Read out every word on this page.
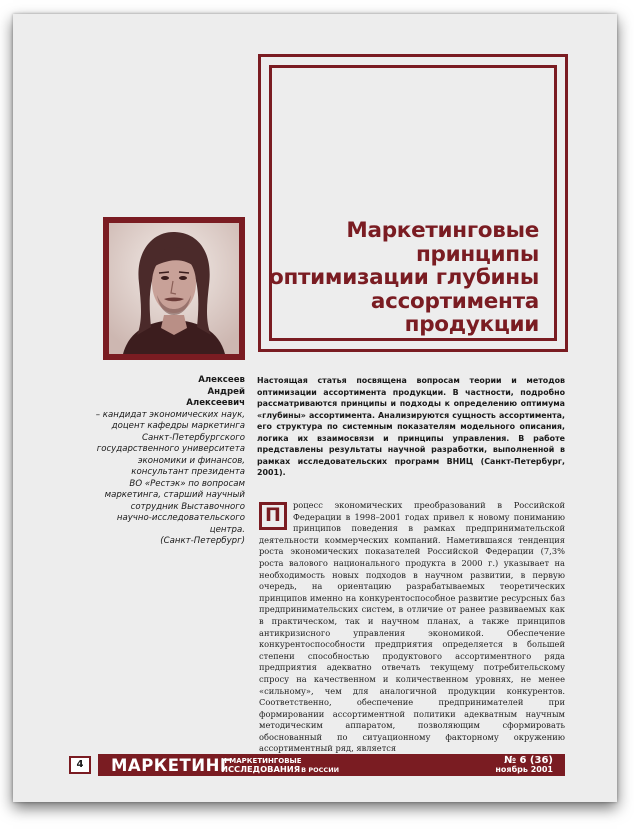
Маркетинговые
принципы
оптимизации глубины
ассортимента
продукции
Алексеев
Андрей
Алексеевич
– кандидат экономических наук,
доцент кафедры маркетинга
Санкт-Петербургского
государственного университета
экономики и финансов,
консультант президента
ВО «Рестэк» по вопросам
маркетинга, старший научный
сотрудник Выставочного
научно-исследовательского
центра.
(Санкт-Петербург)
Настоящая статья посвящена вопросам теории и методов оптимизации ассортимента продукции. В частности, подробно рассматриваются принципы и подходы к определению оптимума «глубины» ассортимента. Анализируются сущность ассортимента, его структура по системным показателям модельного описания, логика их взаимосвязи и принципы управления. В работе представлены результаты научной разработки, выполненной в рамках исследовательских программ ВНИЦ (Санкт-Петербург, 2001).
П	роцесс экономических преобразований в Российской Федерации в 1998–2001 годах привел к новому пониманию принципов поведения в рамках предпринимательской деятельности коммерческих компаний. Наметившаяся тенденция роста экономических показателей Российской Федерации (7,3% роста валового национального продукта в 2000 г.) указывает на необходимость новых подходов в научном развитии, в первую очередь, на ориентацию разрабатываемых теоретических принципов именно на конкурентоспособное развитие ресурсных баз предпринимательских систем, в отличие от ранее развиваемых как в практическом, так и научном планах, а также принципов антикризисного управления экономикой. Обеспечение конкурентоспособности предприятия определяется в большей степени способностью продуктового ассортиментного ряда предприятия адекватно отвечать текущему потребительскому спросу на качественном и количественном уровнях, не менее «сильному», чем для аналогичной продукции конкурентов. Соответственно, обеспечение предпринимателей при формировании ассортиментной политики адекватным научным методическим аппаратом, позволяющим сформировать обоснованный по ситуационному факторному окружению ассортиментный ряд, является
4	МАРКЕТИНГ
И МАРКЕТИНГОВЫЕ
ИССЛЕДОВАНИЯВ РОССИИ
№ 6 (36)
ноябрь 2001
